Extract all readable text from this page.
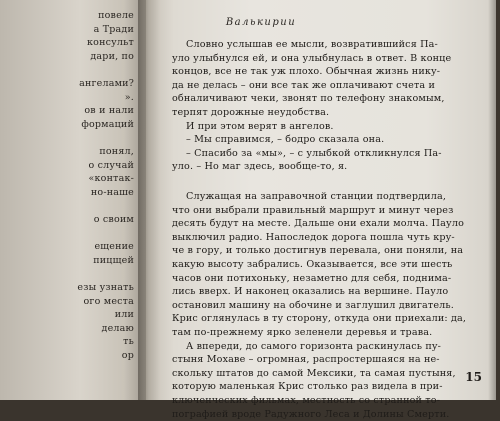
повеле
а Тради
консульт
дари, по
ангелами?
».
ов и нали
формаций
понял,
о случай
«контак-
но-наше
о своим
ещение
пицщей
езы узнать
ого места
или
делаю
ть
ор
Валькирии
Словно услышав ее мысли, возвратившийся Па-
уло улыбнулся ей, и она улыбнулась в ответ. В конце
концов, все не так уж плохо. Обычная жизнь нику-
да не делась – они все так же оплачивают счета и
обналичивают чеки, звонят по телефону знакомым,
терпят дорожные неудобства.
И при этом верят в ангелов.
– Мы справимся, – бодро сказала она.
– Спасибо за «мы», – с улыбкой откликнулся Па-
уло. – Но маг здесь, вообще-то, я.
Служащая на заправочной станции подтвердила,
что они выбрали правильный маршрут и минут через
десять будут на месте. Дальше они ехали молча. Пауло
выключил радио. Напоследок дорога пошла чуть кру-
че в гору, и только достигнув перевала, они поняли, на
какую высоту забрались. Оказывается, все эти шесть
часов они потихоньку, незаметно для себя, поднима-
лись вверх. И наконец оказались на вершине. Пауло
остановил машину на обочине и заглушил двигатель.
Крис оглянулась в ту сторону, откуда они приехали: да,
там по-прежнему ярко зеленели деревья и трава.
А впереди, до самого горизонта раскинулась пу-
стыня Мохаве – огромная, распростершаяся на не-
скольку штатов до самой Мексики, та самая пустыня,
которую маленькая Крис столько раз видела в при-
ключенческих фильмах, местность со странной то-
пографией вроде Радужного Леса и Долины Смерти.
15
